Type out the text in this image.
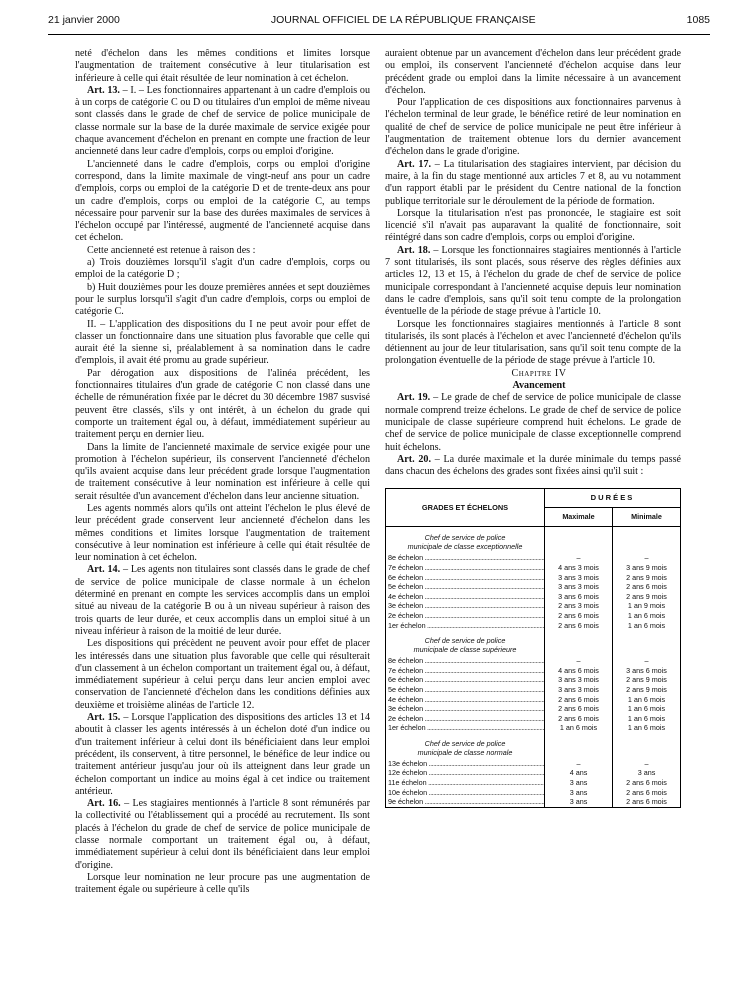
21 janvier 2000	JOURNAL OFFICIEL DE LA RÉPUBLIQUE FRANÇAISE	1085

neté d'échelon dans les mêmes conditions et limites lorsque l'augmentation de traitement consécutive à leur titularisation est inférieure à celle qui était résultée de leur nomination à cet échelon.

Art. 13. – I. – Les fonctionnaires appartenant à un cadre d'emplois ou à un corps de catégorie C ou D ou titulaires d'un emploi de même niveau sont classés dans le grade de chef de service de police municipale de classe normale sur la base de la durée maximale de service exigée pour chaque avancement d'échelon en prenant en compte une fraction de leur ancienneté dans leur cadre d'emplois, corps ou emploi d'origine.

L'ancienneté dans le cadre d'emplois, corps ou emploi d'origine correspond, dans la limite maximale de vingt-neuf ans pour un cadre d'emplois, corps ou emploi de la catégorie D et de trente-deux ans pour un cadre d'emplois, corps ou emploi de la catégorie C, au temps nécessaire pour parvenir sur la base des durées maximales de services à l'échelon occupé par l'intéressé, augmenté de l'ancienneté acquise dans cet échelon.

Cette ancienneté est retenue à raison des :

a) Trois douzièmes lorsqu'il s'agit d'un cadre d'emplois, corps ou emploi de la catégorie D ;

b) Huit douzièmes pour les douze premières années et sept douzièmes pour le surplus lorsqu'il s'agit d'un cadre d'emplois, corps ou emploi de catégorie C.

II. – L'application des dispositions du I ne peut avoir pour effet de classer un fonctionnaire dans une situation plus favorable que celle qui aurait été la sienne si, préalablement à sa nomination dans le cadre d'emplois, il avait été promu au grade supérieur.

Par dérogation aux dispositions de l'alinéa précédent, les fonctionnaires titulaires d'un grade de catégorie C non classé dans une échelle de rémunération fixée par le décret du 30 décembre 1987 susvisé peuvent être classés, s'ils y ont intérêt, à un échelon du grade qui comporte un traitement égal ou, à défaut, immédiatement supérieur au traitement perçu en dernier lieu.

Dans la limite de l'ancienneté maximale de service exigée pour une promotion à l'échelon supérieur, ils conservent l'ancienneté d'échelon qu'ils avaient acquise dans leur précédent grade lorsque l'augmentation de traitement consécutive à leur nomination est inférieure à celle qui serait résultée d'un avancement d'échelon dans leur ancienne situation.

Les agents nommés alors qu'ils ont atteint l'échelon le plus élevé de leur précédent grade conservent leur ancienneté d'échelon dans les mêmes conditions et limites lorsque l'augmentation de traitement consécutive à leur nomination est inférieure à celle qui était résultée de leur nomination à cet échelon.

Art. 14. – Les agents non titulaires sont classés dans le grade de chef de service de police municipale de classe normale à un échelon déterminé en prenant en compte les services accomplis dans un emploi situé au niveau de la catégorie B ou à un niveau supérieur à raison des trois quarts de leur durée, et ceux accomplis dans un emploi situé à un niveau inférieur à raison de la moitié de leur durée.

Les dispositions qui précèdent ne peuvent avoir pour effet de placer les intéressés dans une situation plus favorable que celle qui résulterait d'un classement à un échelon comportant un traitement égal ou, à défaut, immédiatement supérieur à celui perçu dans leur ancien emploi avec conservation de l'ancienneté d'échelon dans les conditions définies aux deuxième et troisième alinéas de l'article 12.

Art. 15. – Lorsque l'application des dispositions des articles 13 et 14 aboutit à classer les agents intéressés à un échelon doté d'un indice ou d'un traitement inférieur à celui dont ils bénéficiaient dans leur emploi précédent, ils conservent, à titre personnel, le bénéfice de leur indice ou traitement antérieur jusqu'au jour où ils atteignent dans leur grade un échelon comportant un indice au moins égal à cet indice ou traitement antérieur.

Art. 16. – Les stagiaires mentionnés à l'article 8 sont rémunérés par la collectivité ou l'établissement qui a procédé au recrutement. Ils sont placés à l'échelon du grade de chef de service de police municipale de classe normale comportant un traitement égal ou, à défaut, immédiatement supérieur à celui dont ils bénéficiaient dans leur emploi d'origine.

Lorsque leur nomination ne leur procure pas une augmentation de traitement égale ou supérieure à celle qu'ils

auraient obtenue par un avancement d'échelon dans leur précédent grade ou emploi, ils conservent l'ancienneté d'échelon acquise dans leur précédent grade ou emploi dans la limite nécessaire à un avancement d'échelon.

Pour l'application de ces dispositions aux fonctionnaires parvenus à l'échelon terminal de leur grade, le bénéfice retiré de leur nomination en qualité de chef de service de police municipale ne peut être inférieur à l'augmentation de traitement obtenue lors du dernier avancement d'échelon dans le grade d'origine.

Art. 17. – La titularisation des stagiaires intervient, par décision du maire, à la fin du stage mentionné aux articles 7 et 8, au vu notamment d'un rapport établi par le président du Centre national de la fonction publique territoriale sur le déroulement de la période de formation.

Lorsque la titularisation n'est pas prononcée, le stagiaire est soit licencié s'il n'avait pas auparavant la qualité de fonctionnaire, soit réintégré dans son cadre d'emplois, corps ou emploi d'origine.

Art. 18. – Lorsque les fonctionnaires stagiaires mentionnés à l'article 7 sont titularisés, ils sont placés, sous réserve des règles définies aux articles 12, 13 et 15, à l'échelon du grade de chef de service de police municipale correspondant à l'ancienneté acquise depuis leur nomination dans le cadre d'emplois, sans qu'il soit tenu compte de la prolongation éventuelle de la période de stage prévue à l'article 10.

Lorsque les fonctionnaires stagiaires mentionnés à l'article 8 sont titularisés, ils sont placés à l'échelon et avec l'ancienneté d'échelon qu'ils détiennent au jour de leur titularisation, sans qu'il soit tenu compte de la prolongation éventuelle de la période de stage prévue à l'article 10.

Chapitre IV

Avancement

Art. 19. – Le grade de chef de service de police municipale de classe normale comprend treize échelons. Le grade de chef de service de police municipale de classe supérieure comprend huit échelons. Le grade de chef de service de police municipale de classe exceptionnelle comprend huit échelons.

Art. 20. – La durée maximale et la durée minimale du temps passé dans chacun des échelons des grades sont fixées ainsi qu'il suit :

GRADES ET ÉCHELONS	DURÉES	
	Maximale	Minimale

Chef de service de police
municipale de classe exceptionnelle		

8e échelon .....	–	–
7e échelon .....	4 ans 3 mois	3 ans 9 mois
6e échelon .....	3 ans 3 mois	2 ans 9 mois
5e échelon .....	3 ans 3 mois	2 ans 6 mois
4e échelon .....	3 ans 6 mois	2 ans 9 mois
3e échelon .....	2 ans 3 mois	1 an 9 mois
2e échelon .....	2 ans 6 mois	1 an 6 mois
1er échelon .....	2 ans 6 mois	1 an 6 mois

Chef de service de police
municipale de classe supérieure		

8e échelon .....	–	–
7e échelon .....	4 ans 6 mois	3 ans 6 mois
6e échelon .....	3 ans 3 mois	2 ans 9 mois
5e échelon .....	3 ans 3 mois	2 ans 9 mois
4e échelon .....	2 ans 6 mois	1 an 6 mois
3e échelon .....	2 ans 6 mois	1 an 6 mois
2e échelon .....	2 ans 6 mois	1 an 6 mois
1er échelon .....	1 an 6 mois	1 an 6 mois

Chef de service de police
municipale de classe normale		

13e échelon .....	–	–
12e échelon .....	4 ans	3 ans
11e échelon .....	3 ans	2 ans 6 mois
10e échelon .....	3 ans	2 ans 6 mois
9e échelon .....	3 ans	2 ans 6 mois
